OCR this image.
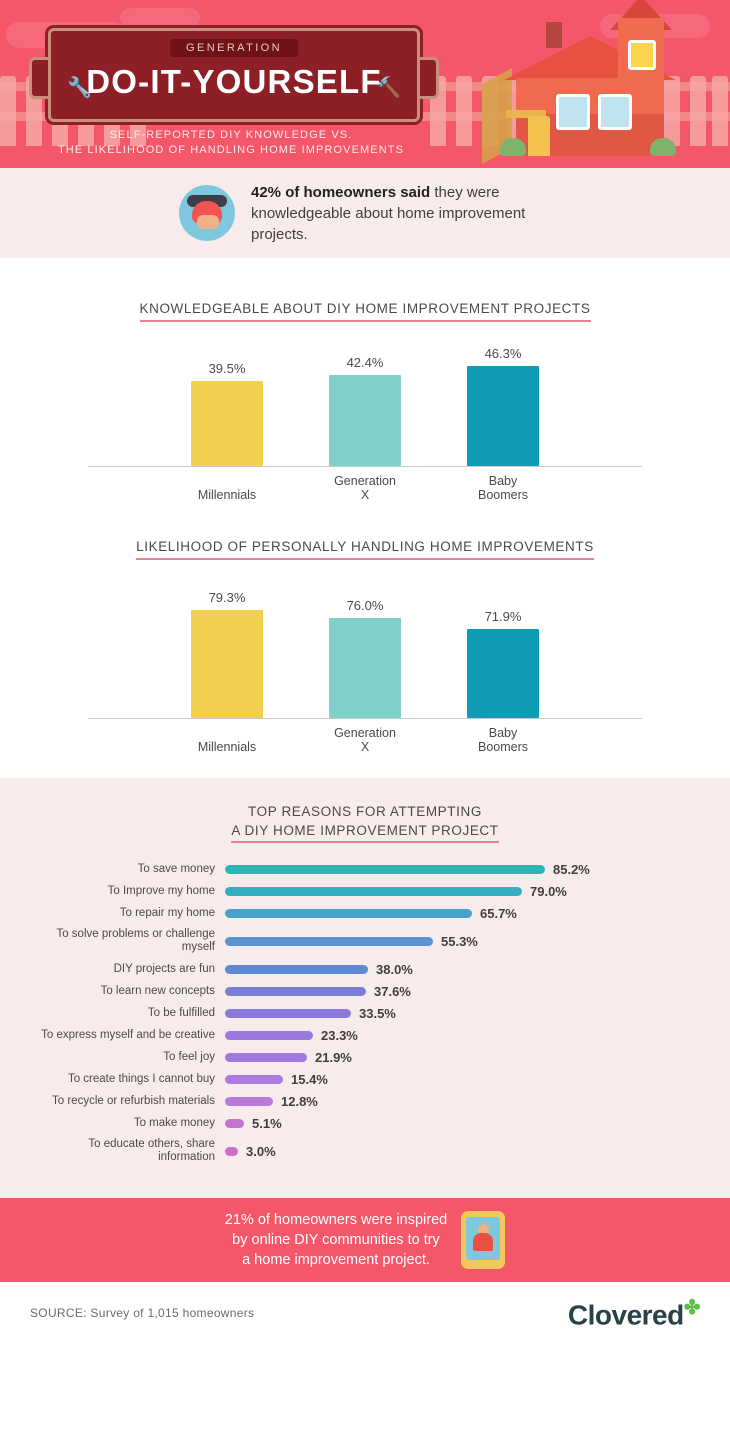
GENERATION
🔧	🔨
DO-IT-YOURSELF
SELF-REPORTED DIY KNOWLEDGE VS.
THE LIKELIHOOD OF HANDLING HOME IMPROVEMENTS
42% of homeowners said they were knowledgeable about home improvement projects.
KNOWLEDGEABLE ABOUT DIY HOME IMPROVEMENT PROJECTS
39.5%	42.4%
46.3%
Millennials
Generation X
Baby Boomers
LIKELIHOOD OF PERSONALLY HANDLING HOME IMPROVEMENTS
79.3%
76.0%
71.9%
Millennials
Generation X
Baby Boomers
TOP REASONS FOR ATTEMPTING
A DIY HOME IMPROVEMENT PROJECT
To save money	85.2%
To Improve my home	79.0%
To repair my home	65.7%
To solve problems or challenge myself	55.3%
DIY projects are fun	38.0%
To learn new concepts	37.6%
To be fulfilled	33.5%
To express myself and be creative	23.3%
To feel joy	21.9%
To create things I cannot buy	15.4%
To recycle or refurbish materials	12.8%
To make money	5.1%
To educate others, share information	3.0%
21% of homeowners were inspired
by online DIY communities to try
a home improvement project.
SOURCE: Survey of 1,015 homeowners	Clovered✤
